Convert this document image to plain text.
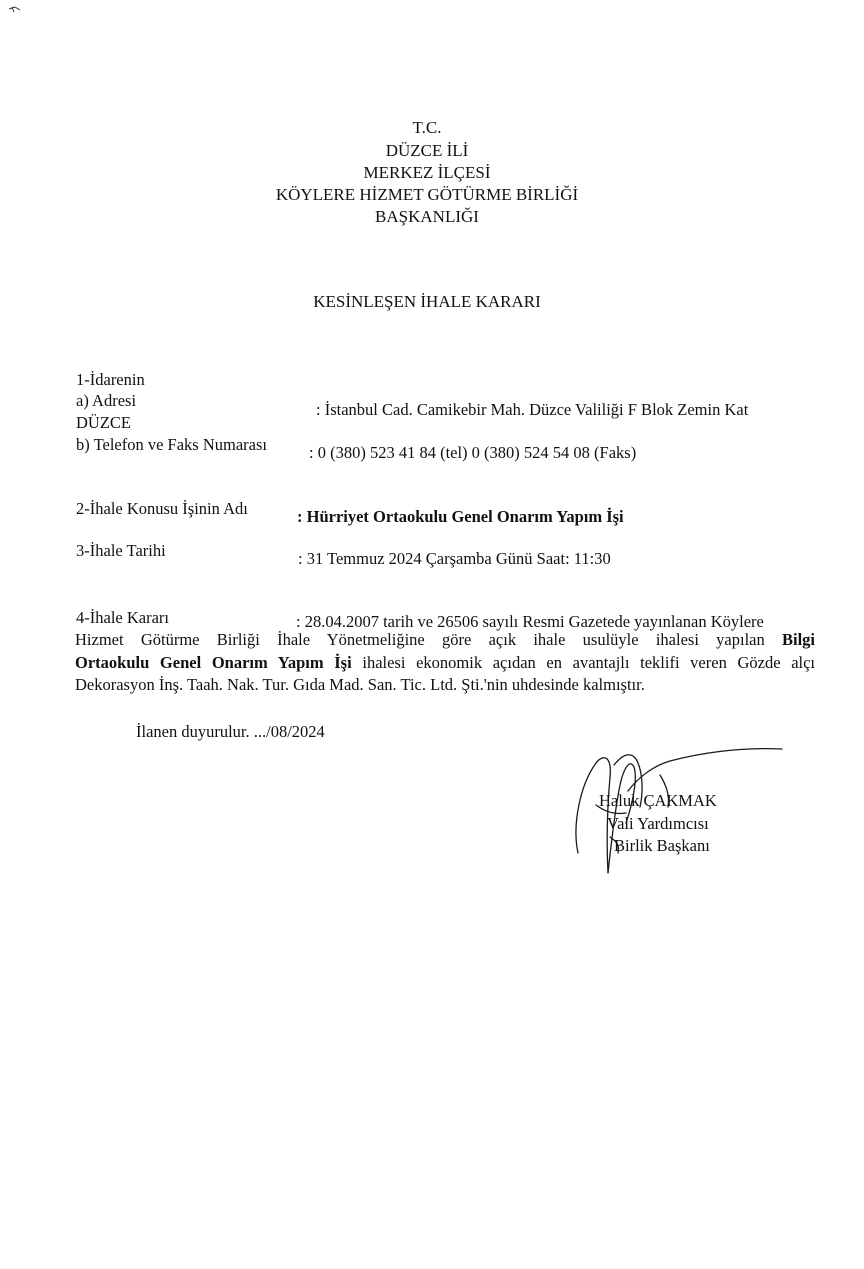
T.C.
DÜZCE İLİ
MERKEZ İLÇESİ
KÖYLERE HİZMET GÖTÜRME BİRLİĞİ
BAŞKANLIĞI
KESİNLEŞEN İHALE KARARI
1-İdarenin
a) Adresi	: İstanbul Cad. Camikebir Mah. Düzce Valiliği F Blok Zemin Kat
DÜZCE
b) Telefon ve Faks Numarası	: 0 (380) 523 41 84 (tel) 0 (380) 524 54 08 (Faks)
2-İhale Konusu İşinin Adı	: Hürriyet Ortaokulu Genel Onarım Yapım İşi
3-İhale Tarihi	: 31 Temmuz 2024 Çarşamba Günü Saat: 11:30
4-İhale Kararı	: 28.04.2007 tarih ve 26506 sayılı Resmi Gazetede yayınlanan Köylere
Hizmet Götürme Birliği İhale Yönetmeliğine göre açık ihale usulüyle ihalesi yapılan Bilgi
Ortaokulu Genel Onarım Yapım İşi ihalesi ekonomik açıdan en avantajlı teklifi veren Gözde alçı
Dekorasyon İnş. Taah. Nak. Tur. Gıda Mad. San. Tic. Ltd. Şti.'nin uhdesinde kalmıştır.
İlanen duyurulur. .../08/2024
Haluk ÇAKMAK
Vali Yardımcısı
Birlik Başkanı
